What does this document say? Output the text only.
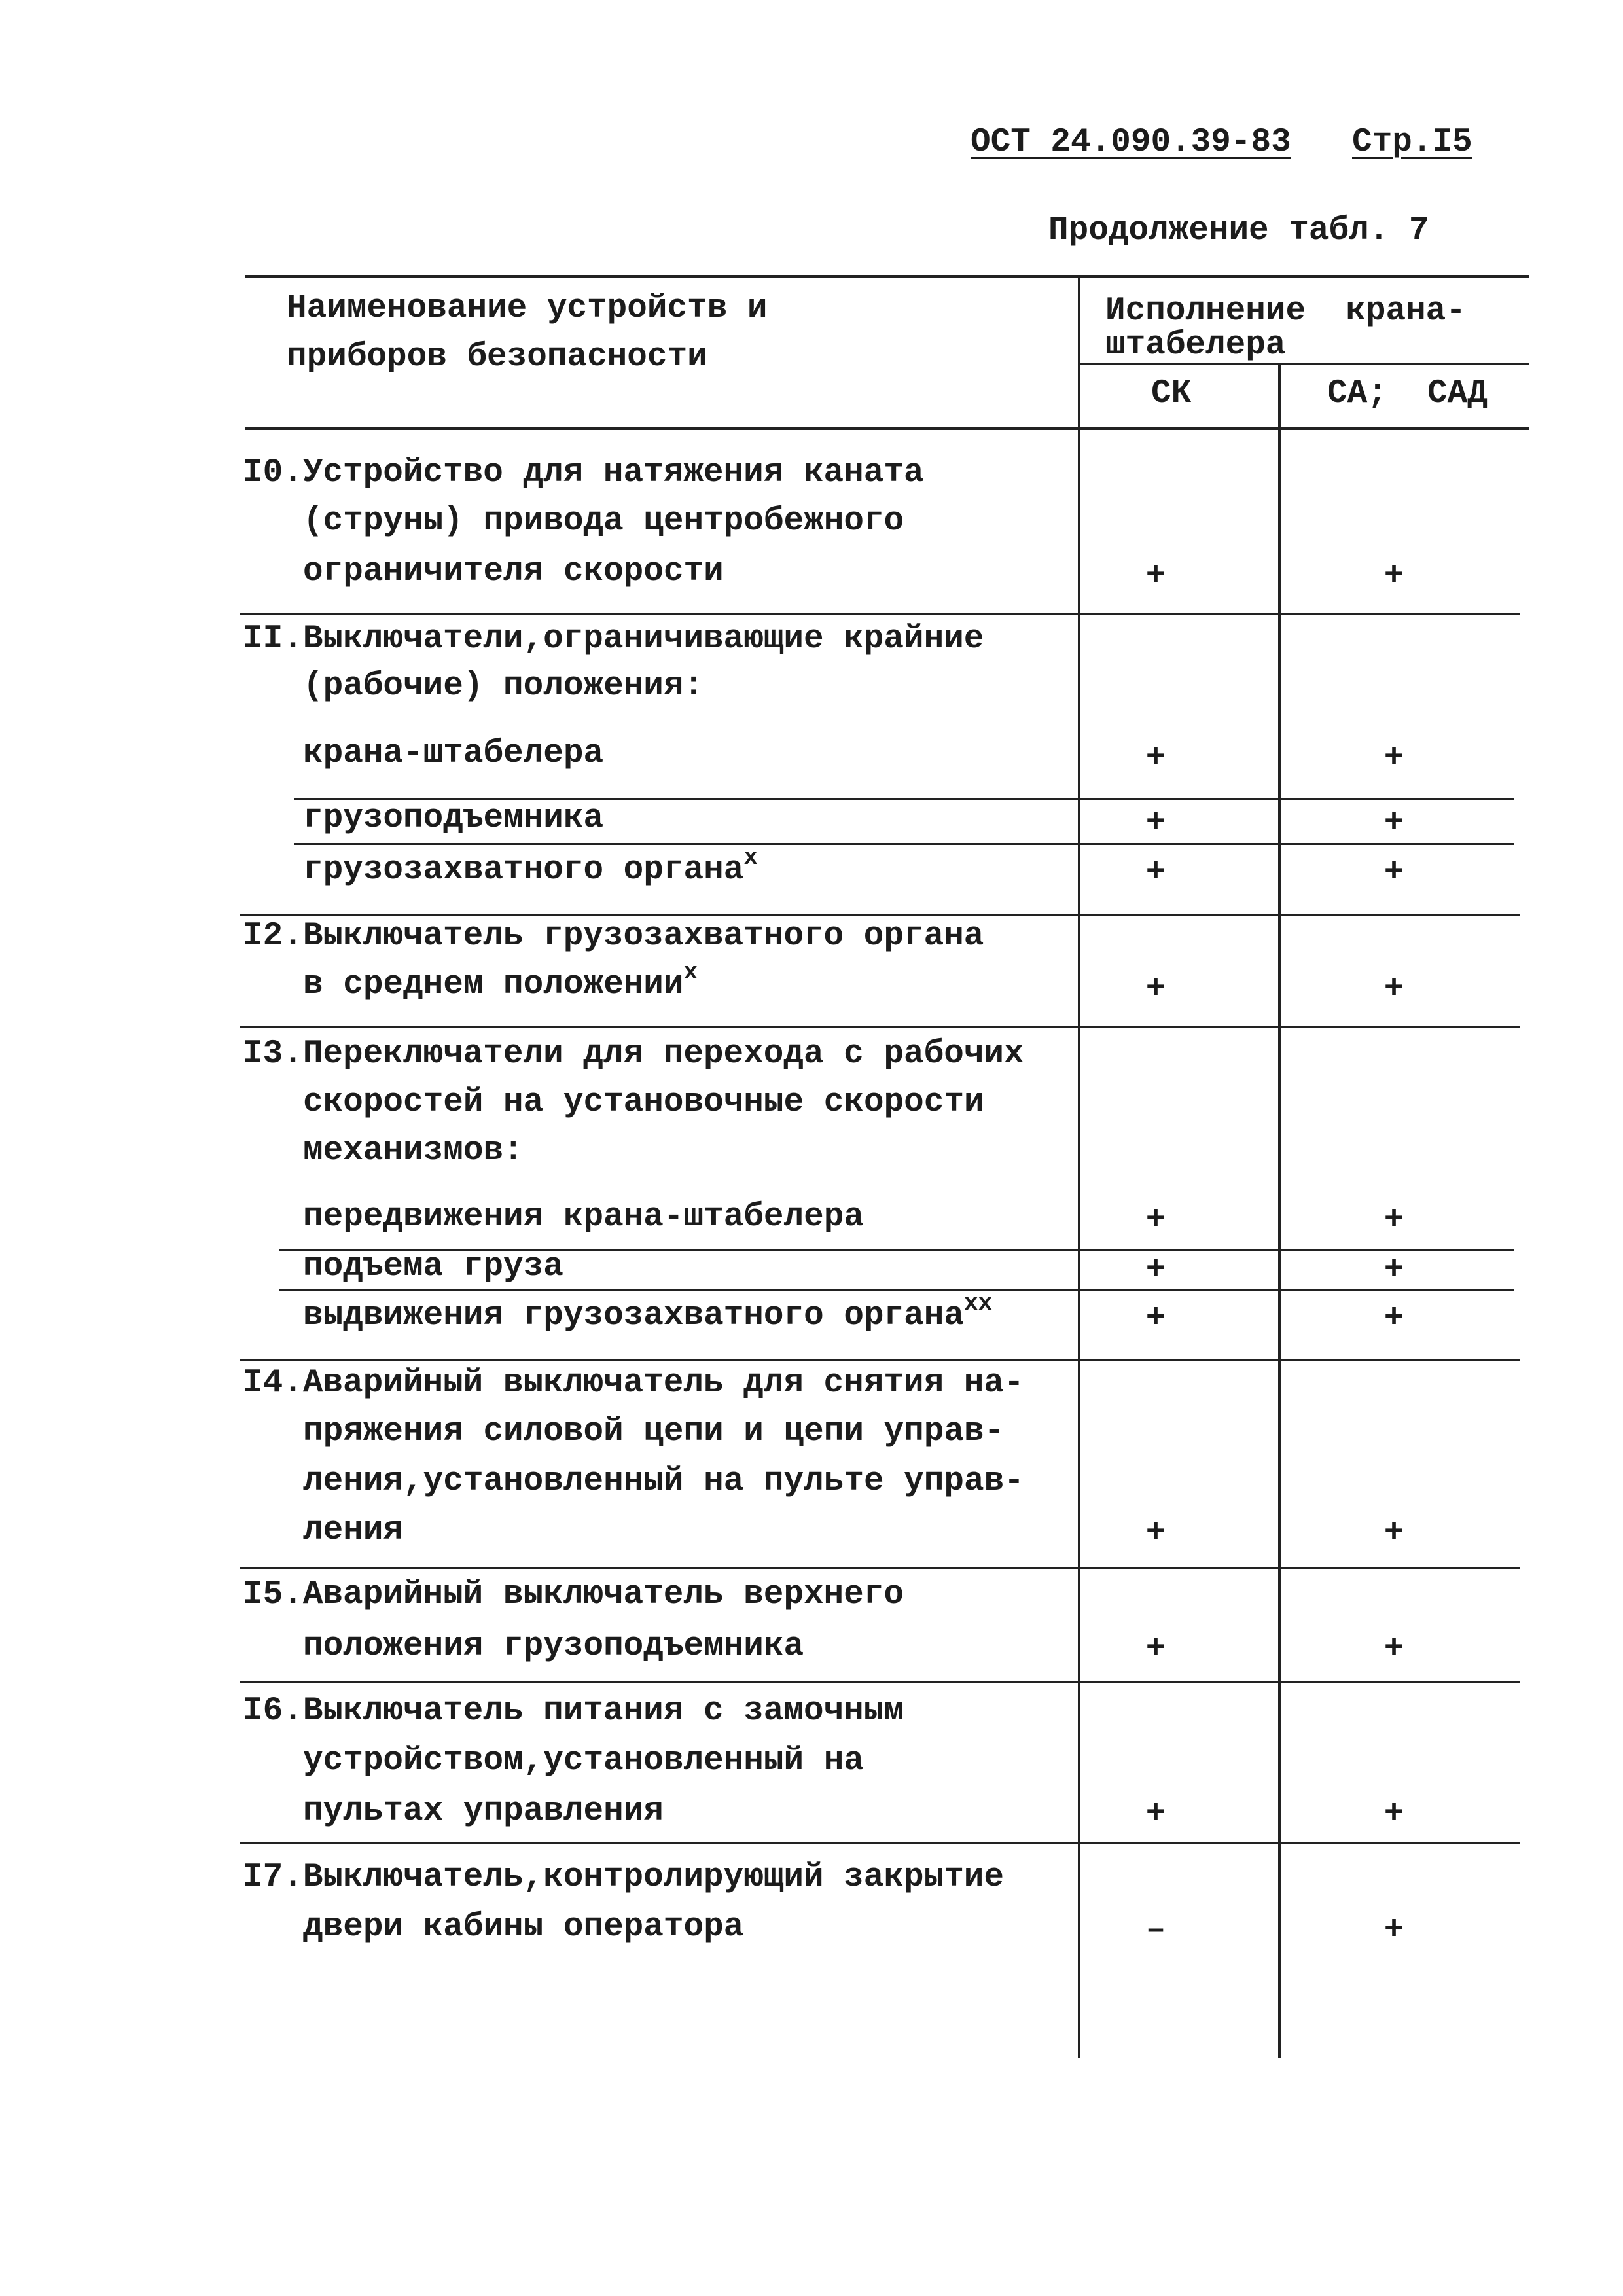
ОСТ 24.090.39-83 Стр.I5
Продолжение табл. 7
Наименование устройств и
приборов безопасности
Исполнение  крана-
штабелера
СК	СА;  САД
I0.Устройство для натяжения каната
(струны) привода центробежного
ограничителя скорости	+	+
II.Выключатели,ограничивающие крайние
(рабочие) положения:
крана-штабелера	+	+
грузоподъемника	+	+
грузозахватного органа$^x$	+	+
I2.Выключатель грузозахватного органа
в среднем положении$^x$	+	+
I3.Переключатели для перехода с рабочих
скоростей на установочные скорости
механизмов:
передвижения крана-штабелера	+	+
подъема груза	+	+
выдвижения грузозахватного органа$^{xx}$	+	+
I4.Аварийный выключатель для снятия на-
пряжения силовой цепи и цепи управ-
ления,установленный на пульте управ-
ления	+	+
I5.Аварийный выключатель верхнего
положения грузоподъемника	+	+
I6.Выключатель питания с замочным
устройством,установленный на
пультах управления	+	+
I7.Выключатель,контролирующий закрытие
двери кабины оператора	–	+
